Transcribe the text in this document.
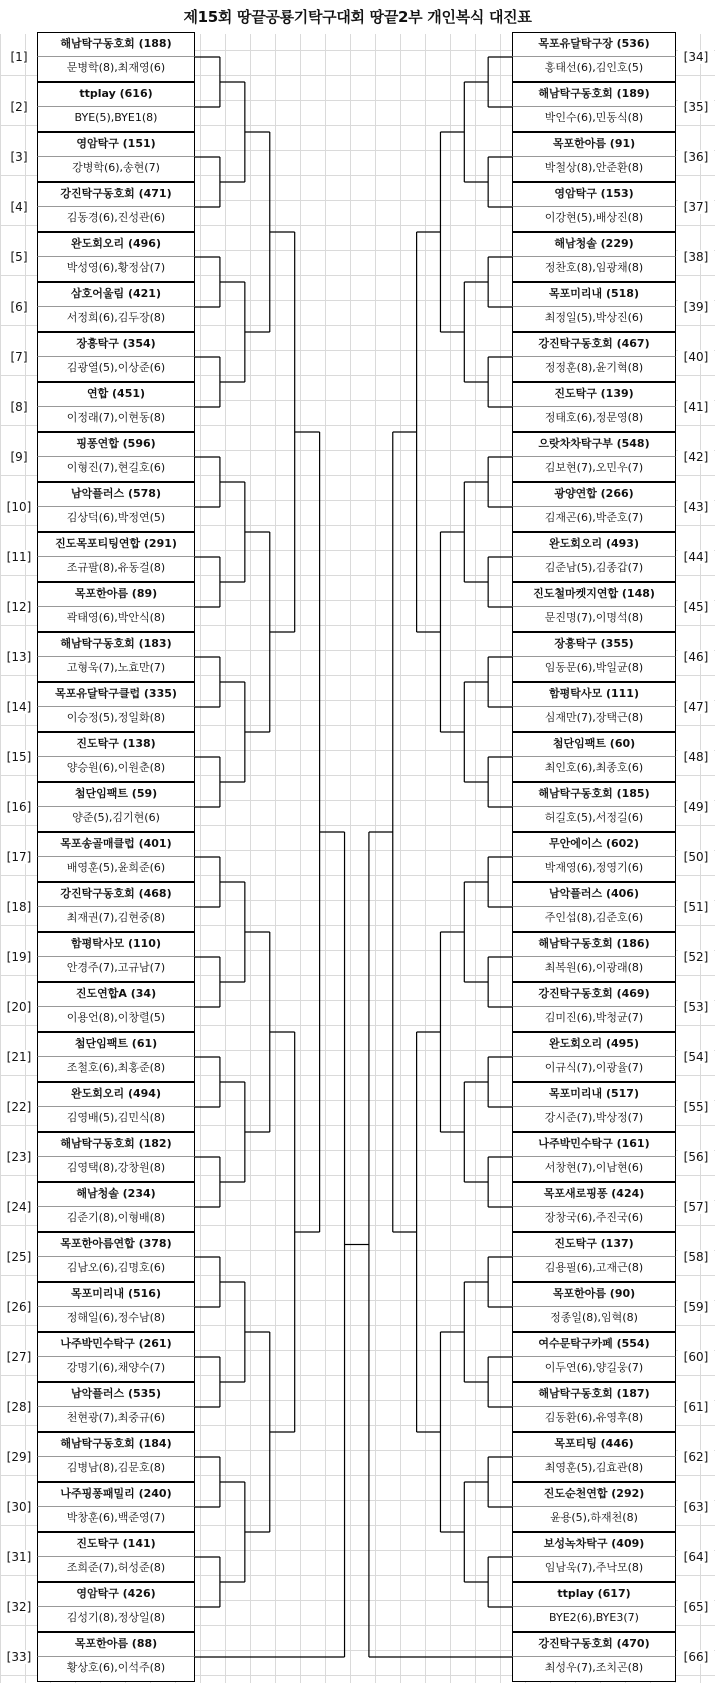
제15회 땅끝공룡기탁구대회 땅끝2부 개인복식 대진표
해남탁구동호회 (188)
문병학(8),최재영(6)
[1]
ttplay (616)
BYE(5),BYE1(8)
[2]
영암탁구 (151)
강병학(6),송현(7)
[3]
강진탁구동호회 (471)
김동경(6),진성관(6)
[4]
완도회오리 (496)
박성영(6),황정삼(7)
[5]
삼호어울림 (421)
서정희(6),김두장(8)
[6]
장흥탁구 (354)
김광열(5),이상준(6)
[7]
연합 (451)
이정래(7),이현동(8)
[8]
핑퐁연합 (596)
이형진(7),현길호(6)
[9]
남악플러스 (578)
김상덕(6),박정연(5)
[10]
진도목포티팅연합 (291)
조규팔(8),유동걸(8)
[11]
목포한아름 (89)
곽태영(6),박안식(8)
[12]
해남탁구동호회 (183)
고형욱(7),노효만(7)
[13]
목포유달탁구클럽 (335)
이승정(5),정일화(8)
[14]
진도탁구 (138)
양승원(6),이원춘(8)
[15]
첨단임팩트 (59)
양준(5),김기현(6)
[16]
목포송골매클럽 (401)
배영훈(5),윤희준(6)
[17]
강진탁구동호회 (468)
최재권(7),김현중(8)
[18]
함평탁사모 (110)
안경주(7),고규남(7)
[19]
진도연합A (34)
이용언(8),이창렬(5)
[20]
첨단임팩트 (61)
조철호(6),최홍준(8)
[21]
완도회오리 (494)
김영배(5),김민식(8)
[22]
해남탁구동호회 (182)
김영택(8),강창원(8)
[23]
해남청솔 (234)
김준기(8),이형배(8)
[24]
목포한아름연합 (378)
김남오(6),김명호(6)
[25]
목포미리내 (516)
정해일(6),정수남(8)
[26]
나주박민수탁구 (261)
강명기(6),채양수(7)
[27]
남악플러스 (535)
천현광(7),최중규(6)
[28]
해남탁구동호회 (184)
김병남(8),김문호(8)
[29]
나주핑퐁패밀리 (240)
박창훈(6),백준영(7)
[30]
진도탁구 (141)
조희준(7),허성준(8)
[31]
영암탁구 (426)
김성기(8),정상일(8)
[32]
목포한아름 (88)
황상호(6),이석주(8)
[33]
목포유달탁구장 (536)
홍태선(6),김인호(5)
[34]
해남탁구동호회 (189)
박인수(6),민동식(8)
[35]
목포한아름 (91)
박철상(8),안준환(8)
[36]
영암탁구 (153)
이강현(5),배상진(8)
[37]
해남청솔 (229)
정찬호(8),임광채(8)
[38]
목포미리내 (518)
최정일(5),박상진(6)
[39]
강진탁구동호회 (467)
정정훈(8),윤기혁(8)
[40]
진도탁구 (139)
정태호(6),정문영(8)
[41]
으랏차차탁구부 (548)
김보현(7),오민우(7)
[42]
광양연합 (266)
김재곤(6),박준호(7)
[43]
완도회오리 (493)
김준남(5),김종갑(7)
[44]
진도철마켓지연합 (148)
문진명(7),이명석(8)
[45]
장흥탁구 (355)
임동문(6),박일균(8)
[46]
함평탁사모 (111)
심재만(7),장택근(8)
[47]
첨단임팩트 (60)
최인호(6),최종호(6)
[48]
해남탁구동호회 (185)
허길호(5),서정길(6)
[49]
무안에이스 (602)
박재영(6),정영기(6)
[50]
남악플러스 (406)
주인섭(8),김준호(6)
[51]
해남탁구동호회 (186)
최복원(6),이광래(8)
[52]
강진탁구동호회 (469)
김미진(6),박청균(7)
[53]
완도회오리 (495)
이규식(7),이광율(7)
[54]
목포미리내 (517)
강시준(7),박상정(7)
[55]
나주박민수탁구 (161)
서창현(7),이남현(6)
[56]
목포새로핑퐁 (424)
장창국(6),주진국(6)
[57]
진도탁구 (137)
김용필(6),고재근(8)
[58]
목포한아름 (90)
정종일(8),임혁(8)
[59]
여수문탁구카페 (554)
이두연(6),양길웅(7)
[60]
해남탁구동호회 (187)
김동환(6),유영후(8)
[61]
목포티팅 (446)
최영훈(5),김효관(8)
[62]
진도순천연합 (292)
윤용(5),하재천(8)
[63]
보성녹차탁구 (409)
임남욱(7),주낙모(8)
[64]
ttplay (617)
BYE2(6),BYE3(7)
[65]
강진탁구동호회 (470)
최성우(7),조치곤(8)
[66]
